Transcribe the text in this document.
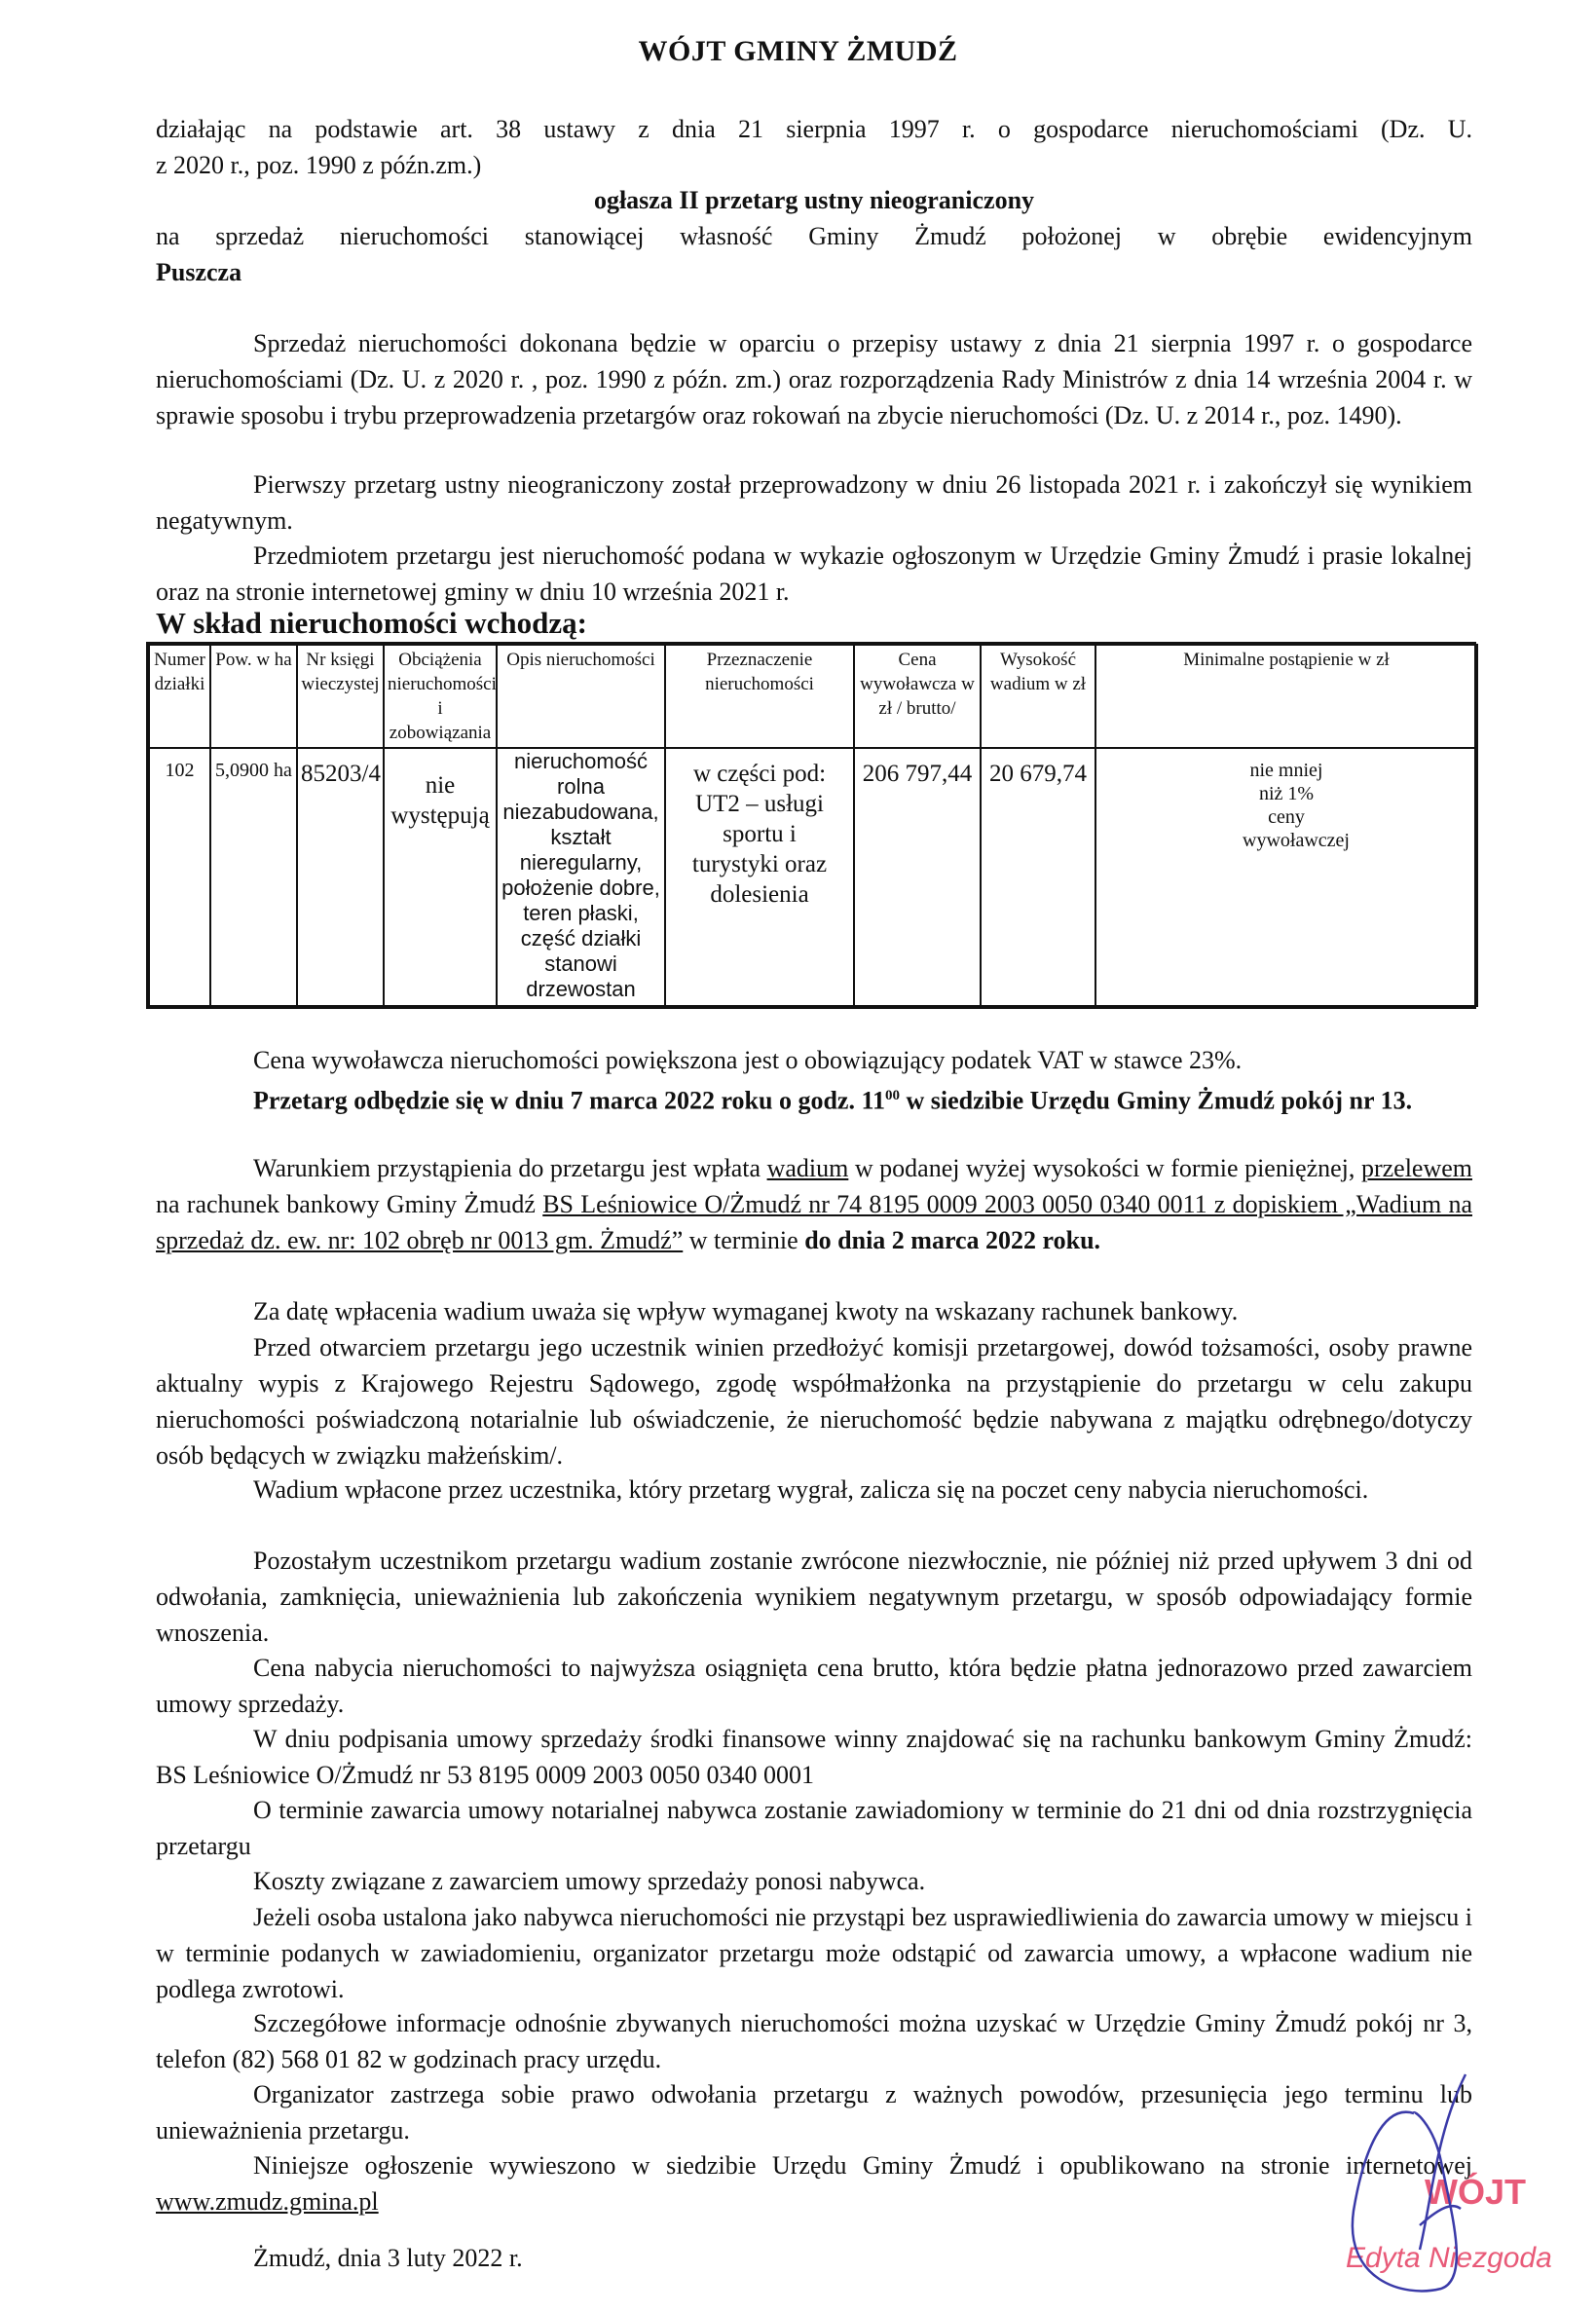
WÓJT GMINY ŻMUDŹ
działając na podstawie art. 38 ustawy z dnia 21 sierpnia 1997 r. o gospodarce nieruchomościami (Dz. U.
z 2020 r., poz. 1990 z późn.zm.)
ogłasza II przetarg ustny nieograniczony
na sprzedaż nieruchomości stanowiącej własność Gminy Żmudź położonej w obrębie ewidencyjnym
Puszcza
Sprzedaż nieruchomości dokonana będzie w oparciu o przepisy ustawy z dnia 21 sierpnia 1997 r. o gospodarce nieruchomościami (Dz. U. z 2020 r. , poz. 1990 z późn. zm.) oraz rozporządzenia Rady Ministrów z dnia 14 września 2004 r. w sprawie sposobu i trybu przeprowadzenia przetargów oraz rokowań na zbycie nieruchomości (Dz. U. z 2014 r., poz. 1490).
Pierwszy przetarg ustny nieograniczony został przeprowadzony w dniu 26 listopada 2021 r. i zakończył się wynikiem negatywnym.
Przedmiotem przetargu jest nieruchomość podana w wykazie ogłoszonym w Urzędzie Gminy Żmudź i prasie lokalnej oraz na stronie internetowej gminy w dniu 10 września 2021 r.
W skład nieruchomości wchodzą:
Numer działki	Pow. w ha	Nr księgi wieczystej	Obciążenia nieruchomości i zobowiązania	Opis nieruchomości	Przeznaczenie nieruchomości	Cena wywoławcza w zł / brutto/	Wysokość wadium w zł	Minimalne postąpienie w zł
102	5,0900 ha	85203/4	nie występują	nieruchomość rolna niezabudowana, kształt nieregularny, położenie dobre, teren płaski, część działki stanowi drzewostan	w części pod: UT2 – usługi sportu i turystyki oraz dolesienia	206 797,44	20 679,74	nie mniej niż 1% ceny wywoławczej
Cena wywoławcza nieruchomości powiększona jest o obowiązujący podatek VAT w stawce 23%.
Przetarg odbędzie się w dniu 7 marca 2022 roku o godz. $11^{00}$ w siedzibie Urzędu Gminy Żmudź pokój nr 13.
Warunkiem przystąpienia do przetargu jest wpłata wadium w podanej wyżej wysokości w formie pieniężnej, przelewem na rachunek bankowy Gminy Żmudź BS Leśniowice O/Żmudź nr 74 8195 0009 2003 0050 0340 0011 z dopiskiem „Wadium na sprzedaż dz. ew. nr: 102 obręb nr 0013 gm. Żmudź” w terminie do dnia 2 marca 2022 roku.
Za datę wpłacenia wadium uważa się wpływ wymaganej kwoty na wskazany rachunek bankowy.
Przed otwarciem przetargu jego uczestnik winien przedłożyć komisji przetargowej, dowód tożsamości, osoby prawne aktualny wypis z Krajowego Rejestru Sądowego, zgodę współmałżonka na przystąpienie do przetargu w celu zakupu nieruchomości poświadczoną notarialnie lub oświadczenie, że nieruchomość będzie nabywana z majątku odrębnego/dotyczy osób będących w związku małżeńskim/.
Wadium wpłacone przez uczestnika, który przetarg wygrał, zalicza się na poczet ceny nabycia nieruchomości.
Pozostałym uczestnikom przetargu wadium zostanie zwrócone niezwłocznie, nie później niż przed upływem 3 dni od odwołania, zamknięcia, unieważnienia lub zakończenia wynikiem negatywnym przetargu, w sposób odpowiadający formie wnoszenia.
Cena nabycia nieruchomości to najwyższa osiągnięta cena brutto, która będzie płatna jednorazowo przed zawarciem umowy sprzedaży.
W dniu podpisania umowy sprzedaży środki finansowe winny znajdować się na rachunku bankowym Gminy Żmudź: BS Leśniowice O/Żmudź nr 53 8195 0009 2003 0050 0340 0001
O terminie zawarcia umowy notarialnej nabywca zostanie zawiadomiony w terminie do 21 dni od dnia rozstrzygnięcia przetargu
Koszty związane z zawarciem umowy sprzedaży ponosi nabywca.
Jeżeli osoba ustalona jako nabywca nieruchomości nie przystąpi bez usprawiedliwienia do zawarcia umowy w miejscu i w terminie podanych w zawiadomieniu, organizator przetargu może odstąpić od zawarcia umowy, a wpłacone wadium nie podlega zwrotowi.
Szczegółowe informacje odnośnie zbywanych nieruchomości można uzyskać w Urzędzie Gminy Żmudź pokój nr 3, telefon (82) 568 01 82 w godzinach pracy urzędu.
Organizator zastrzega sobie prawo odwołania przetargu z ważnych powodów, przesunięcia jego terminu lub unieważnienia przetargu.
Niniejsze ogłoszenie wywieszono w siedzibie Urzędu Gminy Żmudź i opublikowano na stronie internetowej www.zmudz.gmina.pl
Żmudź, dnia 3 luty 2022 r.
WÓJT
Edyta Niezgoda
